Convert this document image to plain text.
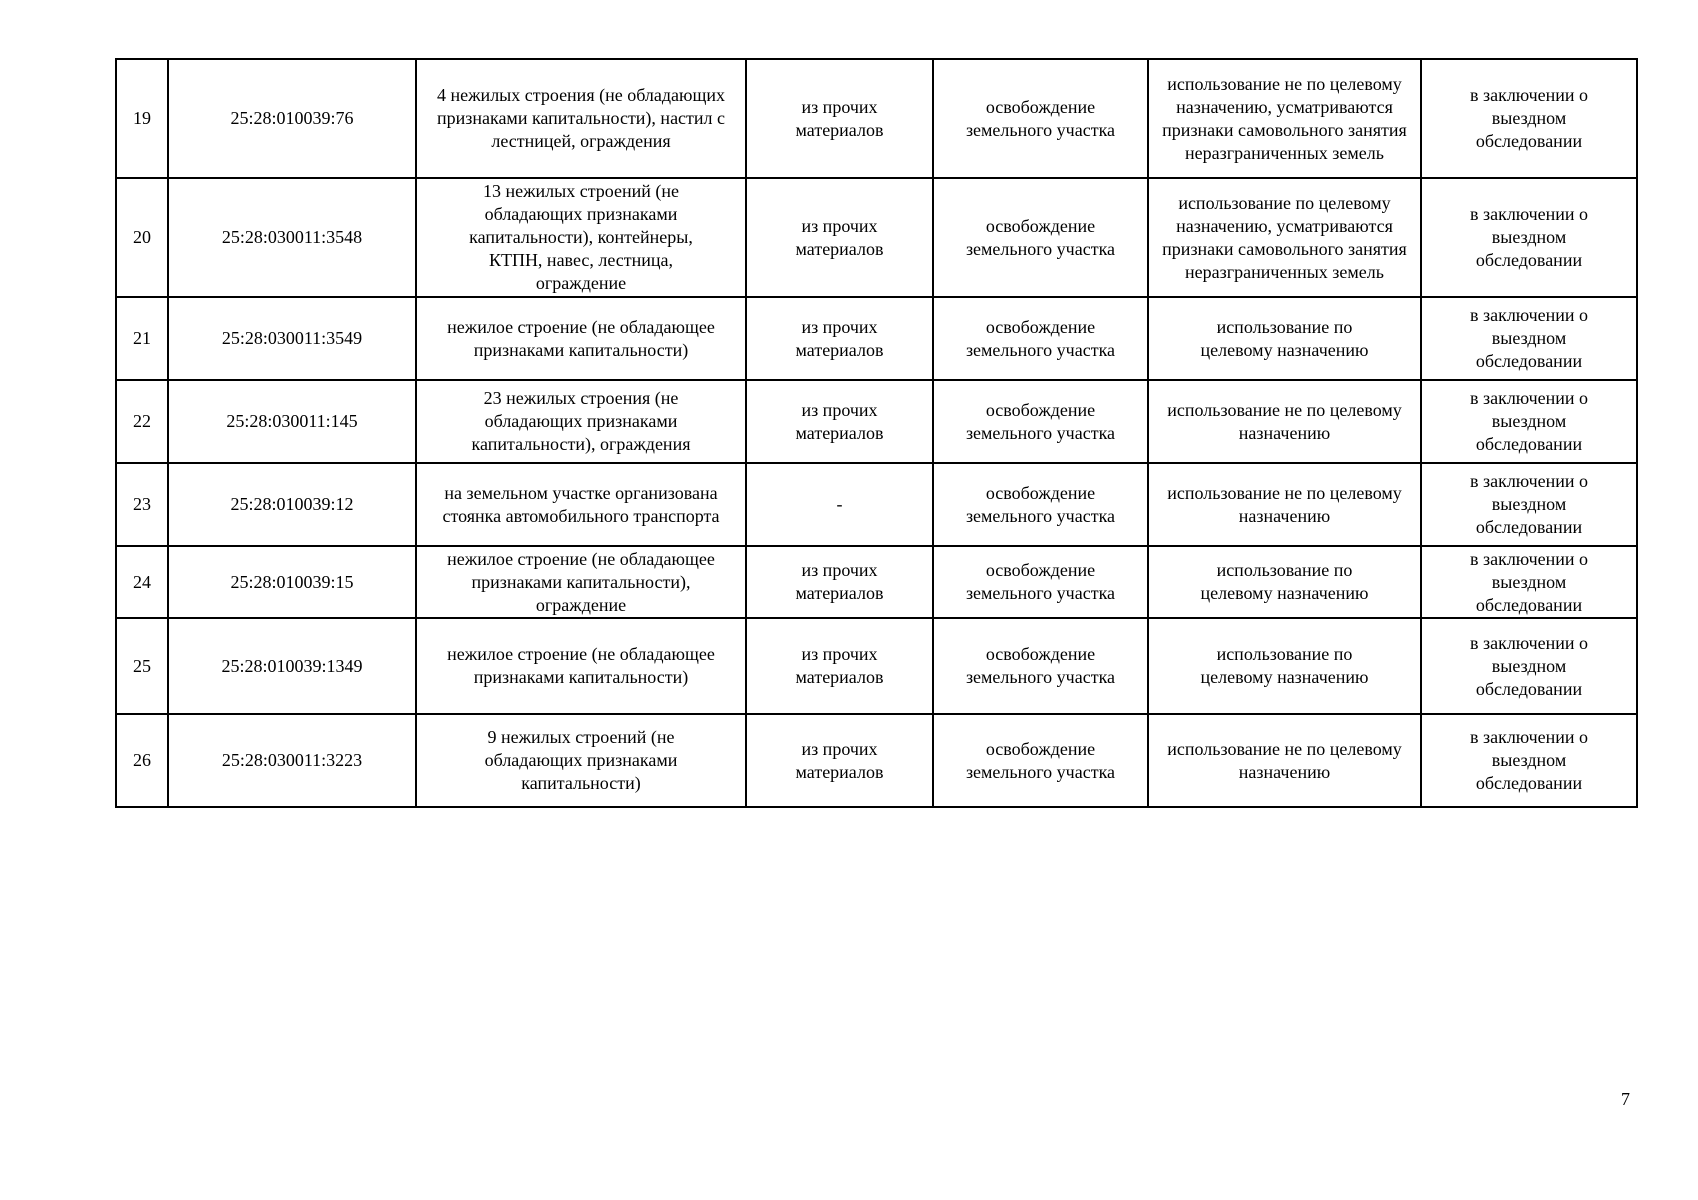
19	25:28:010039:76	4 нежилых строения (не обладающих признаками капитальности), настил с лестницей, ограждения	из прочих материалов	освобождение земельного участка	использование не по целевому назначению, усматриваются признаки самовольного занятия неразграниченных земель	в заключении о выездном обследовании
20	25:28:030011:3548	13 нежилых строений (не обладающих признаками капитальности), контейнеры, КТПН, навес, лестница, ограждение	из прочих материалов	освобождение земельного участка	использование по целевому назначению, усматриваются признаки самовольного занятия неразграниченных земель	в заключении о выездном обследовании
21	25:28:030011:3549	нежилое строение (не обладающее признаками капитальности)	из прочих материалов	освобождение земельного участка	использование по целевому назначению	в заключении о выездном обследовании
22	25:28:030011:145	23 нежилых строения (не обладающих признаками капитальности), ограждения	из прочих материалов	освобождение земельного участка	использование не по целевому назначению	в заключении о выездном обследовании
23	25:28:010039:12	на земельном участке организована стоянка автомобильного транспорта	-	освобождение земельного участка	использование не по целевому назначению	в заключении о выездном обследовании
24	25:28:010039:15	нежилое строение (не обладающее признаками капитальности), ограждение	из прочих материалов	освобождение земельного участка	использование по целевому назначению	в заключении о выездном обследовании
25	25:28:010039:1349	нежилое строение (не обладающее признаками капитальности)	из прочих материалов	освобождение земельного участка	использование по целевому назначению	в заключении о выездном обследовании
26	25:28:030011:3223	9 нежилых строений (не обладающих признаками капитальности)	из прочих материалов	освобождение земельного участка	использование не по целевому назначению	в заключении о выездном обследовании
7
